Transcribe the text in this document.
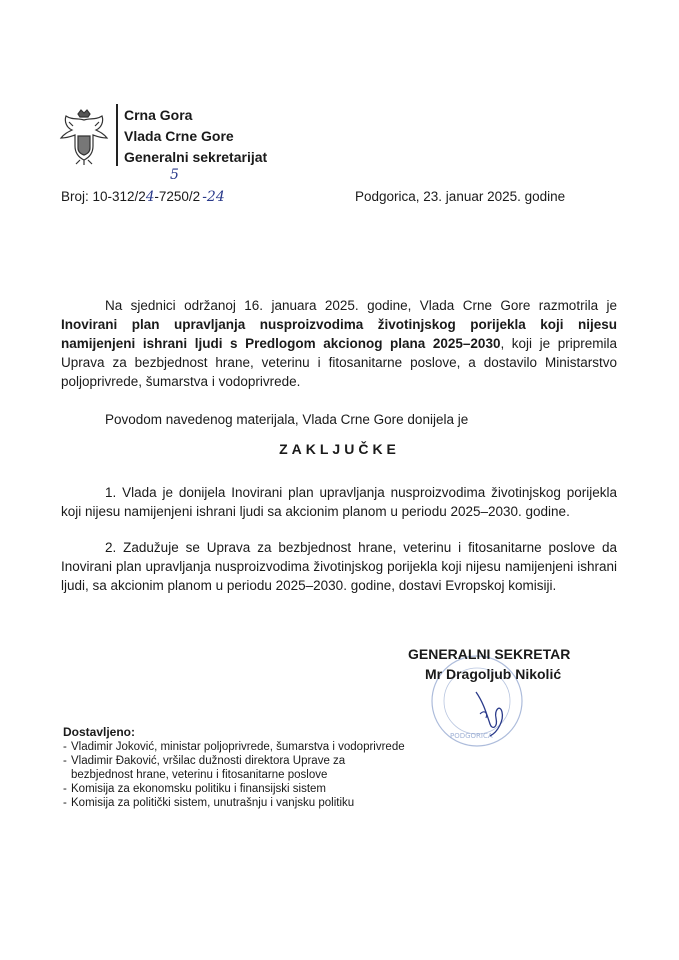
Crna Gora
Vlada Crne Gore
Generalni sekretarijat
Broj: 10-312/24-7250/2 -24
5
Podgorica, 23. januar 2025. godine
Na sjednici održanoj 16. januara 2025. godine, Vlada Crne Gore razmotrila je Inovirani plan upravljanja nusproizvodima životinjskog porijekla koji nijesu namijenjeni ishrani ljudi s Predlogom akcionog plana 2025–2030, koji je pripremila Uprava za bezbjednost hrane, veterinu i fitosanitarne poslove, a dostavilo Ministarstvo poljoprivrede, šumarstva i vodoprivrede.
Povodom navedenog materijala, Vlada Crne Gore donijela je
ZAKLJUČKE
1. Vlada je donijela Inovirani plan upravljanja nusproizvodima životinjskog porijekla koji nijesu namijenjeni ishrani ljudi sa akcionim planom u periodu 2025–2030. godine.
2. Zadužuje se Uprava za bezbjednost hrane, veterinu i fitosanitarne poslove da Inovirani plan upravljanja nusproizvodima životinjskog porijekla koji nijesu namijenjeni ishrani ljudi, sa akcionim planom u periodu 2025–2030. godine, dostavi Evropskoj komisiji.
PODGORICA
GENERALNI SEKRETAR
Mr Dragoljub Nikolić
Dostavljeno:
- Vladimir Joković, ministar poljoprivrede, šumarstva i vodoprivrede
- Vladimir Đaković, vršilac dužnosti direktora Uprave za
bezbjednost hrane, veterinu i fitosanitarne poslove
- Komisija za ekonomsku politiku i finansijski sistem
- Komisija za politički sistem, unutrašnju i vanjsku politiku
